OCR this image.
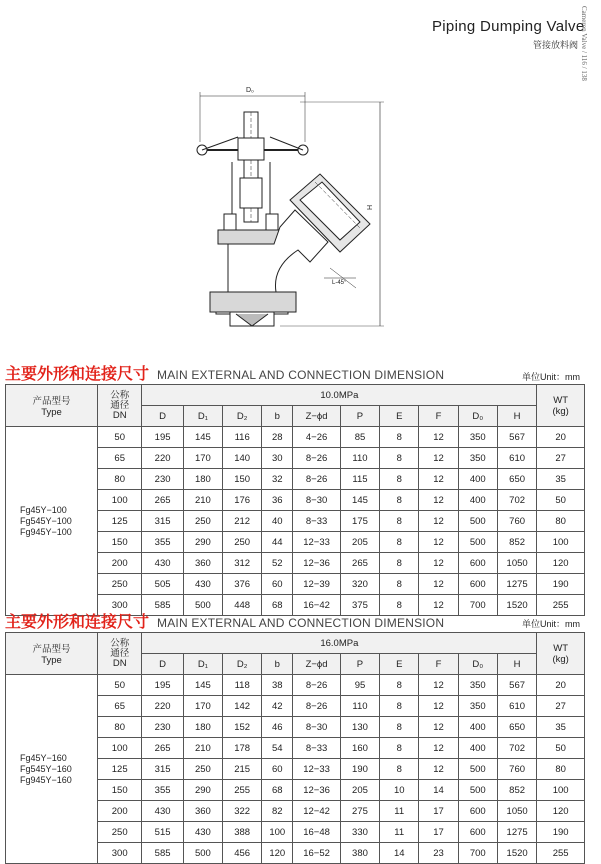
Piping Dumping Valve
管接放料阀 Cameron Valve / 116 / 138
D₀
H
L-45°
主要外形和连接尺寸 MAIN EXTERNAL AND CONNECTION DIMENSION	单位Unit：mm
产品型号
Type	公称
通径
DN	10.0MPa										WT
(kg)

		D	D₁	D₂	b	Z−ϕd	P	E	F	D₀	H	

Fg45Y−100
Fg545Y−100
Fg945Y−100	50	195	145	116	28	4−26	85	8	12	350	567	20
	65	220	170	140	30	8−26	110	8	12	350	610	27
	80	230	180	150	32	8−26	115	8	12	400	650	35
	100	265	210	176	36	8−30	145	8	12	400	702	50
	125	315	250	212	40	8−33	175	8	12	500	760	80
	150	355	290	250	44	12−33	205	8	12	500	852	100
	200	430	360	312	52	12−36	265	8	12	600	1050	120
	250	505	430	376	60	12−39	320	8	12	600	1275	190
	300	585	500	448	68	16−42	375	8	12	700	1520	255
主要外形和连接尺寸 MAIN EXTERNAL AND CONNECTION DIMENSION	单位Unit：mm
产品型号
Type	公称
通径
DN	16.0MPa										WT
(kg)

		D	D₁	D₂	b	Z−ϕd	P	E	F	D₀	H	

Fg45Y−160
Fg545Y−160
Fg945Y−160	50	195	145	118	38	8−26	95	8	12	350	567	20
	65	220	170	142	42	8−26	110	8	12	350	610	27
	80	230	180	152	46	8−30	130	8	12	400	650	35
	100	265	210	178	54	8−33	160	8	12	400	702	50
	125	315	250	215	60	12−33	190	8	12	500	760	80
	150	355	290	255	68	12−36	205	10	14	500	852	100
	200	430	360	322	82	12−42	275	11	17	600	1050	120
	250	515	430	388	100	16−48	330	11	17	600	1275	190
	300	585	500	456	120	16−52	380	14	23	700	1520	255
